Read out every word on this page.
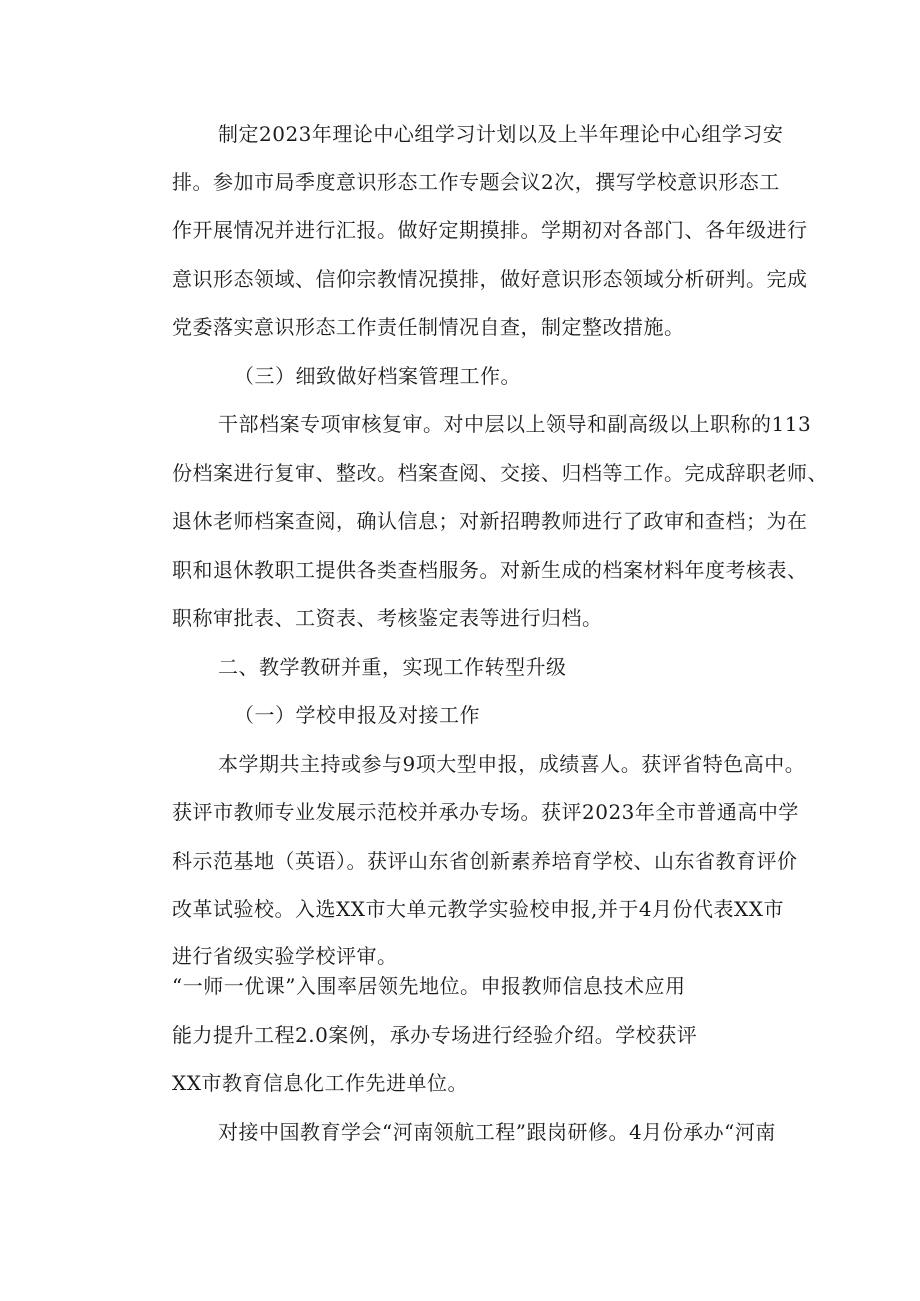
制定2023年理论中心组学习计划以及上半年理论中心组学习安
排。参加市局季度意识形态工作专题会议2次，撰写学校意识形态工
作开展情况并进行汇报。做好定期摸排。学期初对各部门、各年级进行
意识形态领域、信仰宗教情况摸排，做好意识形态领域分析研判。完成
党委落实意识形态工作责任制情况自查，制定整改措施。
（三）细致做好档案管理工作。
干部档案专项审核复审。对中层以上领导和副高级以上职称的113
份档案进行复审、整改。档案查阅、交接、归档等工作。完成辞职老师、
退休老师档案查阅，确认信息；对新招聘教师进行了政审和查档；为在
职和退休教职工提供各类查档服务。对新生成的档案材料年度考核表、
职称审批表、工资表、考核鉴定表等进行归档。
二、教学教研并重，实现工作转型升级
（一）学校申报及对接工作
本学期共主持或参与9项大型申报，成绩喜人。获评省特色高中。
获评市教师专业发展示范校并承办专场。获评2023年全市普通高中学
科示范基地（英语）。获评山东省创新素养培育学校、山东省教育评价
改革试验校。入选XX市大单元教学实验校申报,并于4月份代表XX市
进行省级实验学校评审。
“一师一优课”入围率居领先地位。申报教师信息技术应用
能力提升工程2.0案例，承办专场进行经验介绍。学校获评
XX市教育信息化工作先进单位。
对接中国教育学会“河南领航工程”跟岗研修。4月份承办“河南
